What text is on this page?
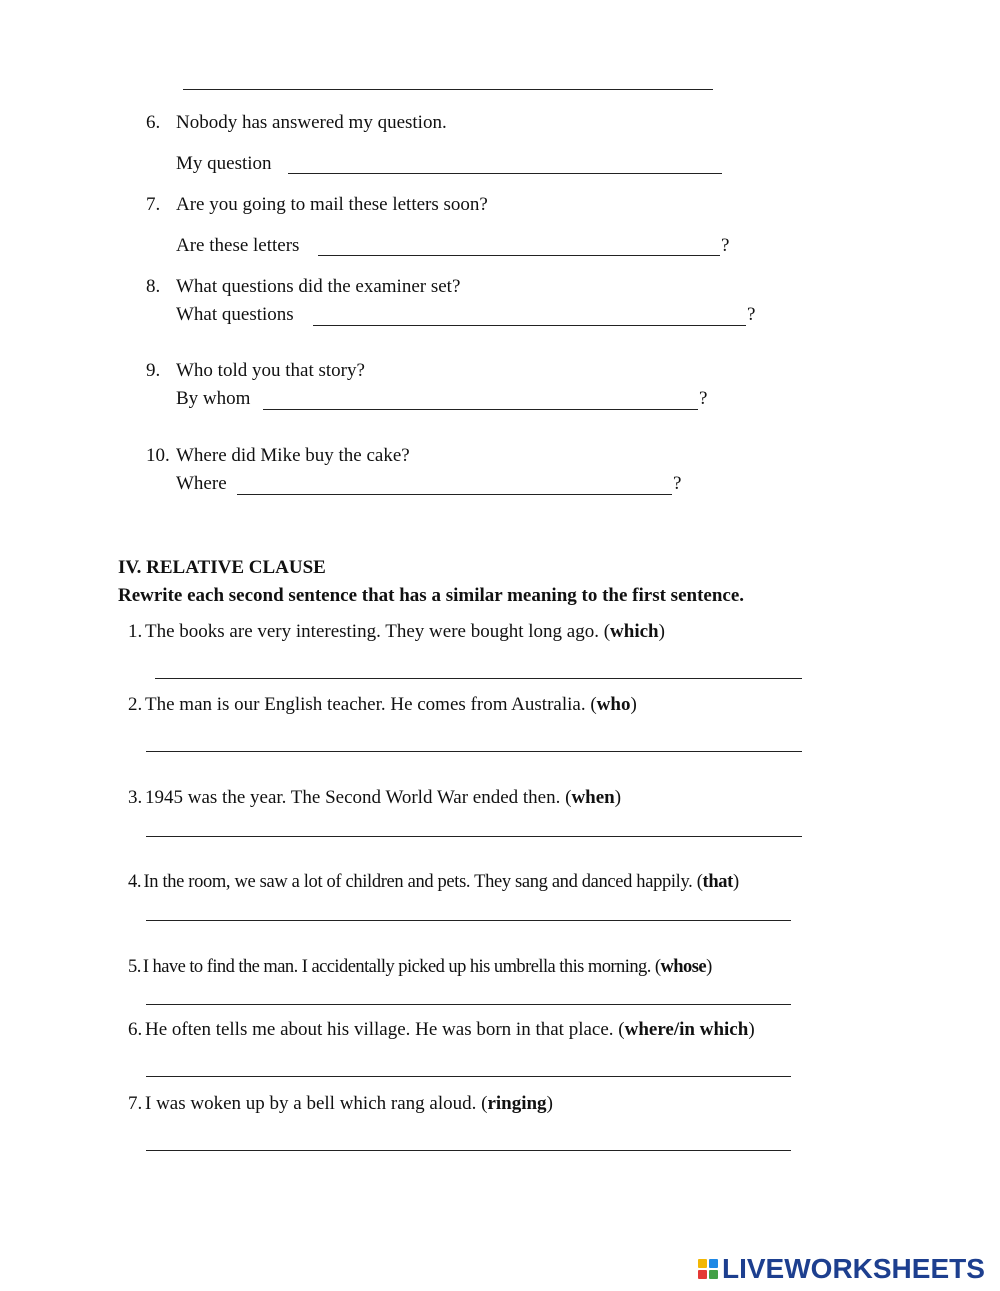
6. Nobody has answered my question.
My question
7. Are you going to mail these letters soon?
Are these letters	?
8. What questions did the examiner set?
What questions	?
9. Who told you that story?
By whom	?
10. Where did Mike buy the cake?
Where	?
IV. RELATIVE CLAUSE
Rewrite each second sentence that has a similar meaning to the first sentence.
1. The books are very interesting. They were bought long ago. (which)
2. The man is our English teacher. He comes from Australia. (who)
3. 1945 was the year. The Second World War ended then. (when)
4. In the room, we saw a lot of children and pets. They sang and danced happily. (that)
5. I have to find the man. I accidentally picked up his umbrella this morning. (whose)
6. He often tells me about his village. He was born in that place. (where/in which)
7. I was woken up by a bell which rang aloud. (ringing)
LIVEWORKSHEETS
